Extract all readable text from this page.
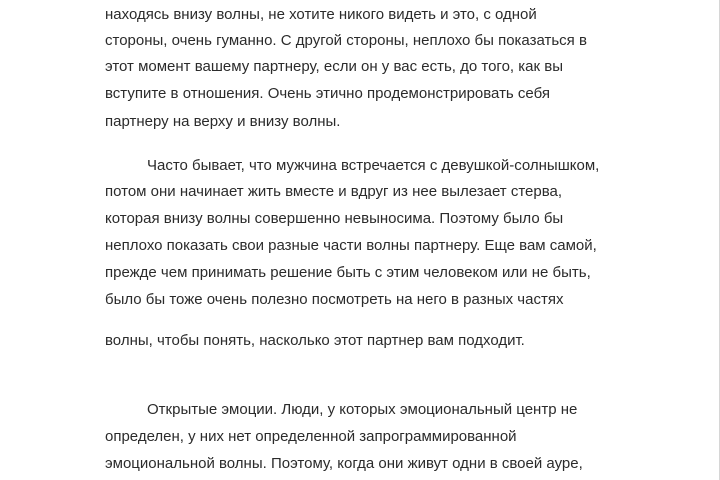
находясь внизу волны, не хотите никого видеть и это, с одной
стороны, очень гуманно. С другой стороны, неплохо бы показаться в
этот момент вашему партнеру, если он у вас есть, до того, как вы
вступите в отношения. Очень этично продемонстрировать себя
партнеру на верху и внизу волны.
Часто бывает, что мужчина встречается с девушкой-солнышком,
потом они начинает жить вместе и вдруг из нее вылезает стерва,
которая внизу волны совершенно невыносима. Поэтому было бы
неплохо показать свои разные части волны партнеру. Еще вам самой,
прежде чем принимать решение быть с этим человеком или не быть,
было бы тоже очень полезно посмотреть на него в разных частях
волны, чтобы понять, насколько этот партнер вам подходит.
Открытые эмоции. Люди, у которых эмоциональный центр не
определен, у них нет определенной запрограммированной
эмоциональной волны. Поэтому, когда они живут одни в своей ауре,
